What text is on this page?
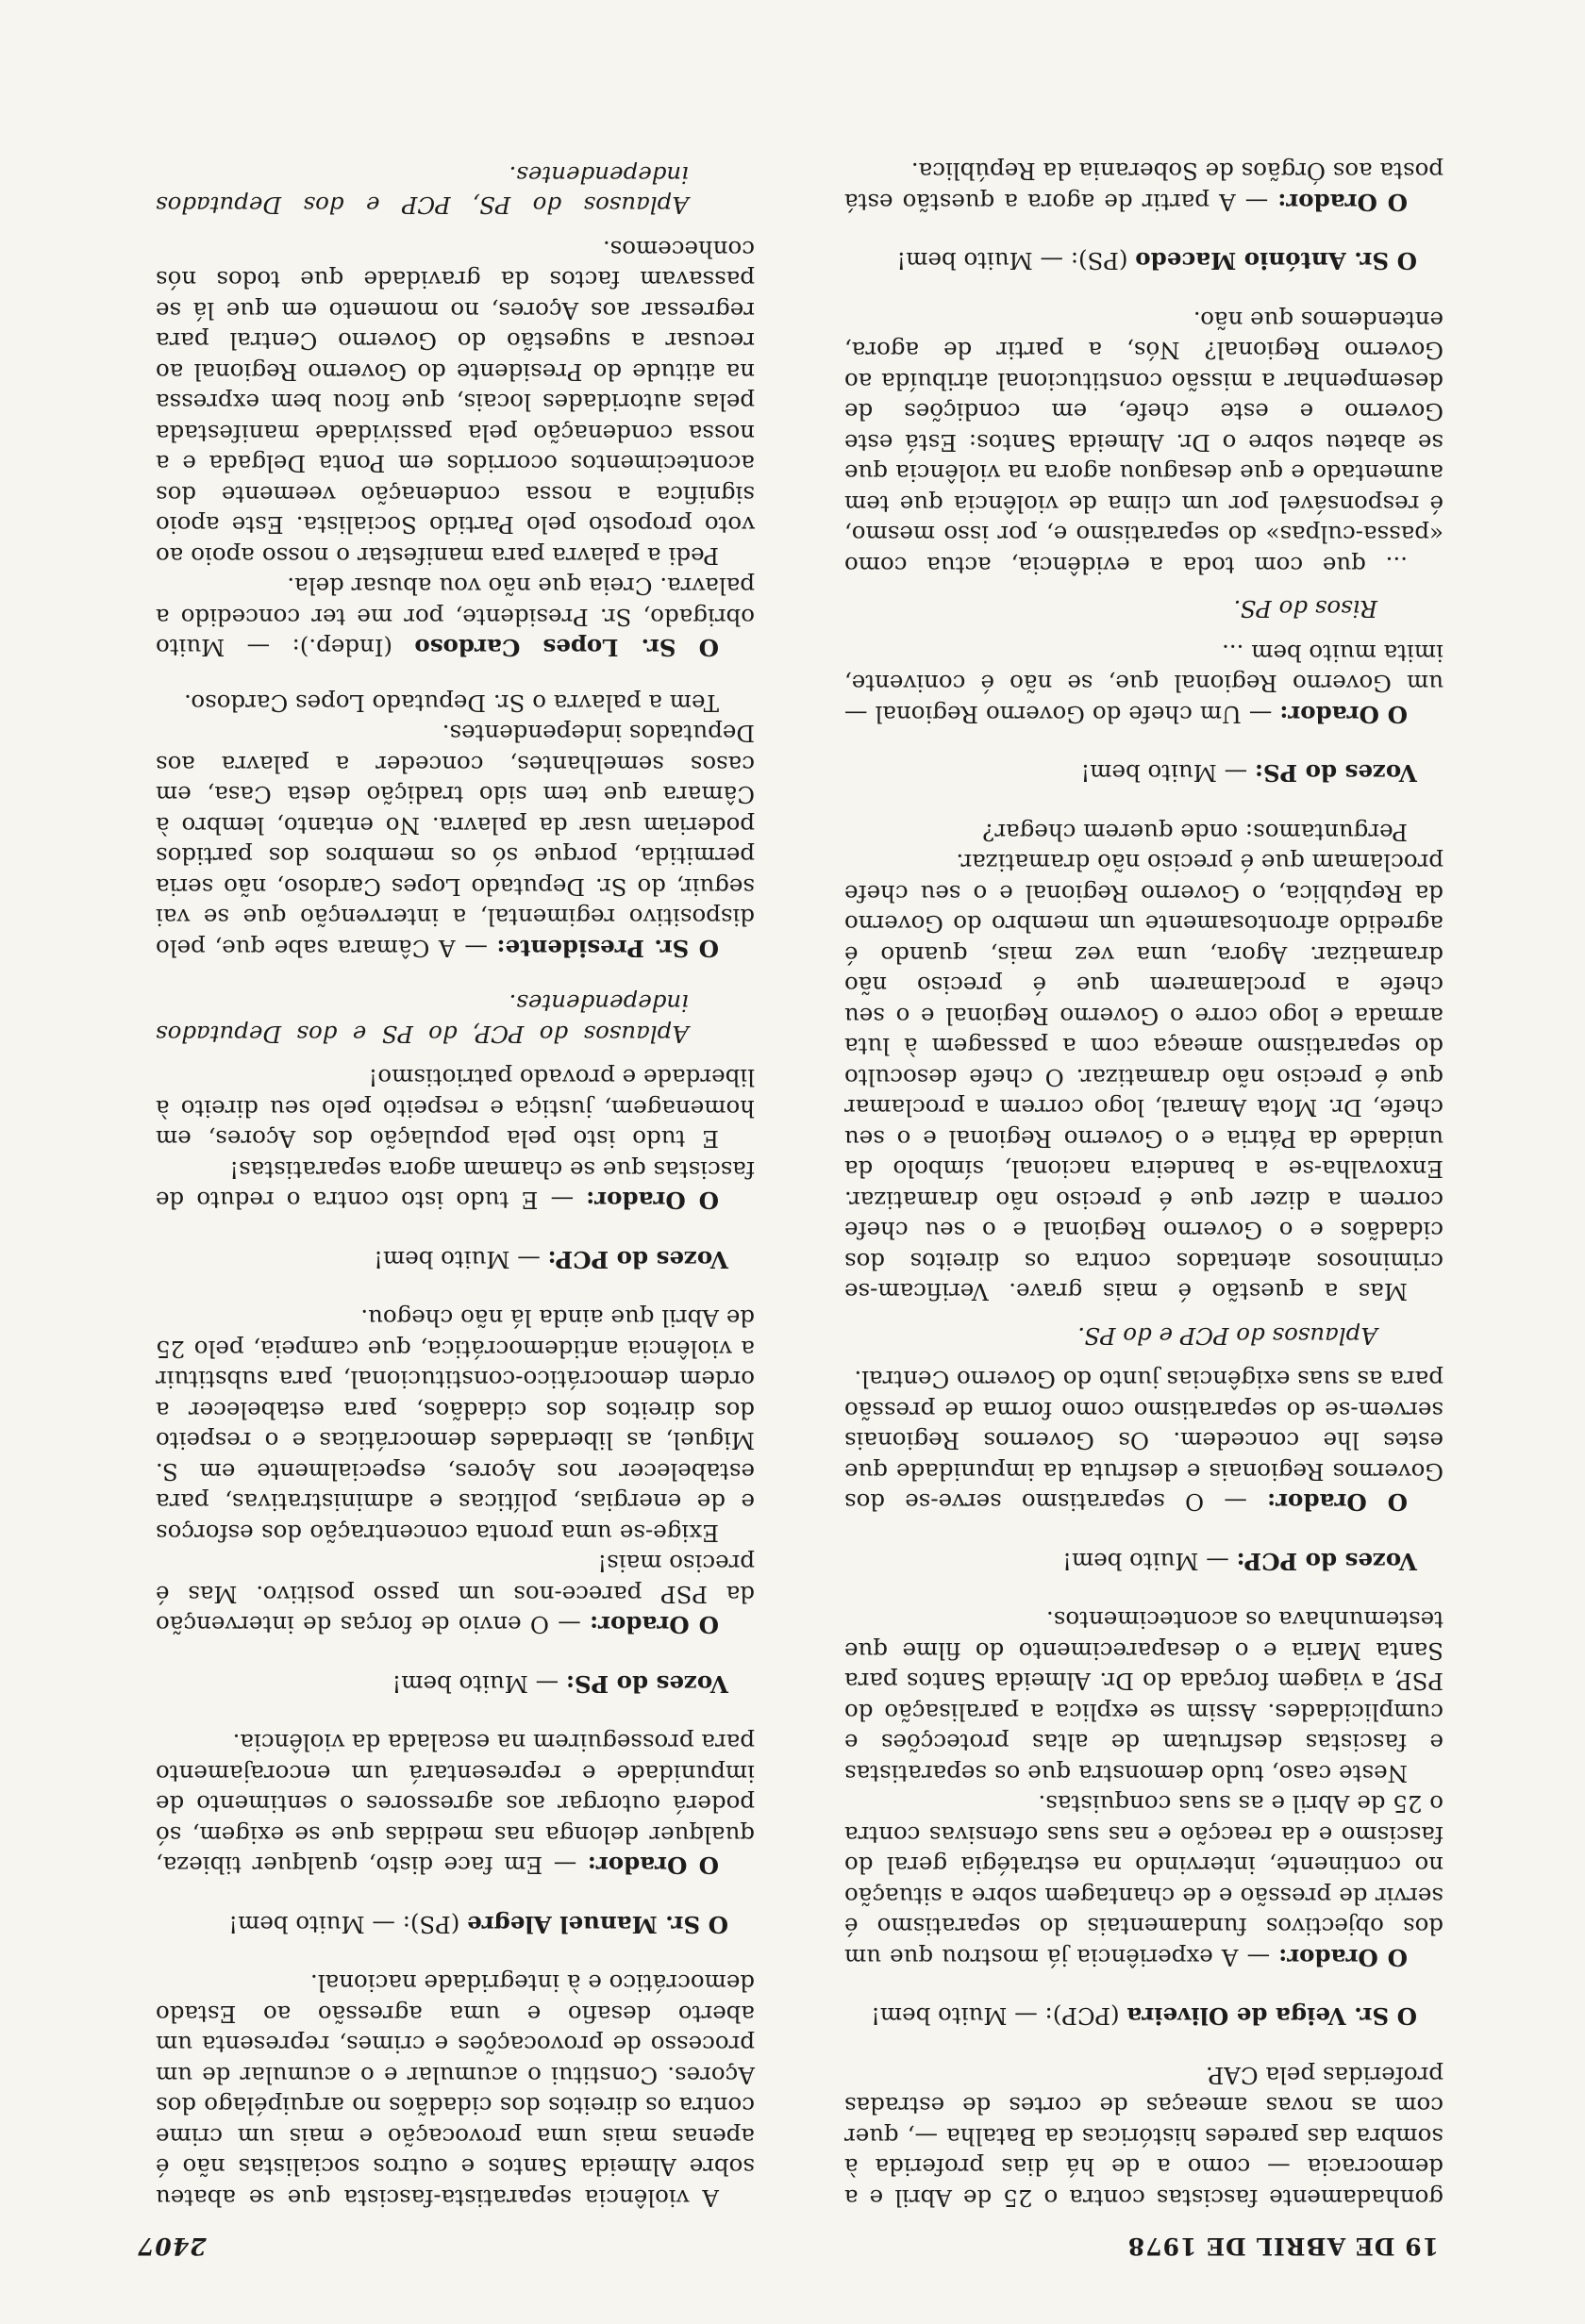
19 DE ABRIL DE 1978
2407

gonhadamente fascistas contra o 25 de Abril e a democracia — como a de há dias proferida à sombra das paredes históricas da Batalha —, quer com as novas ameaças de cortes de estradas proferidas pela CAP.

O Sr. Veiga de Oliveira (PCP): — Muito bem!

O Orador: — A experiência já mostrou que um dos objectivos fundamentais do separatismo é servir de pressão e de chantagem sobre a situação no continente, intervindo na estratégia geral do fascismo e da reacção e nas suas ofensivas contra o 25 de Abril e as suas conquistas.

Neste caso, tudo demonstra que os separatistas e fascistas desfrutam de altas protecções e cumplicidades. Assim se explica a paralisação do PSP, a viagem forçada do Dr. Almeida Santos para Santa Maria e o desaparecimento do filme que testemunhava os acontecimentos.

Vozes do PCP: — Muito bem!

O Orador: — O separatismo serve-se dos Governos Regionais e desfruta da impunidade que estes lhe concedem. Os Governos Regionais servem-se do separatismo como forma de pressão para as suas exigências junto do Governo Central.

Aplausos do PCP e do PS.

Mas a questão é mais grave. Verificam-se criminosos atentados contra os direitos dos cidadãos e o Governo Regional e o seu chefe correm a dizer que é preciso não dramatizar. Enxovalha-se a bandeira nacional, símbolo da unidade da Pátria e o Governo Regional e o seu chefe, Dr. Mota Amaral, logo correm a proclamar que é preciso não dramatizar. O chefe desoculto do separatismo ameaça com a passagem à luta armada e logo corre o Governo Regional e o seu chefe a proclamarem que é preciso não dramatizar. Agora, uma vez mais, quando é agredido afrontosamente um membro do Governo da República, o Governo Regional e o seu chefe proclamam que é preciso não dramatizar.

Perguntamos: onde querem chegar?

Vozes do PS: — Muito bem!

O Orador: — Um chefe do Governo Regional — um Governo Regional que, se não é conivente, imita muito bem ...

Risos do PS.

... que com toda a evidência, actua como «passa-culpas» do separatismo e, por isso mesmo, é responsável por um clima de violência que tem aumentado e que desaguou agora na violência que se abateu sobre o Dr. Almeida Santos: Está este Governo e este chefe, em condições de desempenhar a missão constitucional atribuída ao Governo Regional? Nós, a partir de agora, entendemos que não.

O Sr. António Macedo (PS): — Muito bem!

O Orador: — A partir de agora a questão está posta aos Órgãos de Soberania da República.

A violência separatista-fascista que se abateu sobre Almeida Santos e outros socialistas não é apenas mais uma provocação e mais um crime contra os direitos dos cidadãos no arquipélago dos Açores. Constitui o acumular e o acumular de um processo de provocações e crimes, representa um aberto desafio e uma agressão ao Estado democrático e à integridade nacional.

O Sr. Manuel Alegre (PS): — Muito bem!

O Orador: — Em face disto, qualquer tibieza, qualquer delonga nas medidas que se exigem, só poderá outorgar aos agressores o sentimento de impunidade e representará um encorajamento para prosseguirem na escalada da violência.

Vozes do PS: — Muito bem!

O Orador: — O envio de forças de intervenção da PSP parece-nos um passo positivo. Mas é preciso mais!

Exige-se uma pronta concentração dos esforços e de energias, políticas e administrativas, para estabelecer nos Açores, especialmente em S. Miguel, as liberdades democráticas e o respeito dos direitos dos cidadãos, para estabelecer a ordem democrático-constitucional, para substituir a violência antidemocrática, que campeia, pelo 25 de Abril que ainda lá não chegou.

Vozes do PCP: — Muito bem!

O Orador: — E tudo isto contra o reduto de fascistas que se chamam agora separatistas!

E tudo isto pela população dos Açores, em homenagem, justiça e respeito pelo seu direito à liberdade e provado patriotismo!

Aplausos do PCP, do PS e dos Deputados independentes.

O Sr. Presidente: — A Câmara sabe que, pelo dispositivo regimental, a intervenção que se vai seguir, do Sr. Deputado Lopes Cardoso, não seria permitida, porque só os membros dos partidos poderiam usar da palavra. No entanto, lembro à Câmara que tem sido tradição desta Casa, em casos semelhantes, conceder a palavra aos Deputados independentes.

Tem a palavra o Sr. Deputado Lopes Cardoso.

O Sr. Lopes Cardoso (Indep.): — Muito obrigado, Sr. Presidente, por me ter concedido a palavra. Creia que não vou abusar dela.

Pedi a palavra para manifestar o nosso apoio ao voto proposto pelo Partido Socialista. Este apoio significa a nossa condenação veemente dos acontecimentos ocorridos em Ponta Delgada e a nossa condenação pela passividade manifestada pelas autoridades locais, que ficou bem expressa na atitude do Presidente do Governo Regional ao recusar a sugestão do Governo Central para regressar aos Açores, no momento em que lá se passavam factos da gravidade que todos nós conhecemos.

Aplausos do PS, PCP e dos Deputados independentes.
